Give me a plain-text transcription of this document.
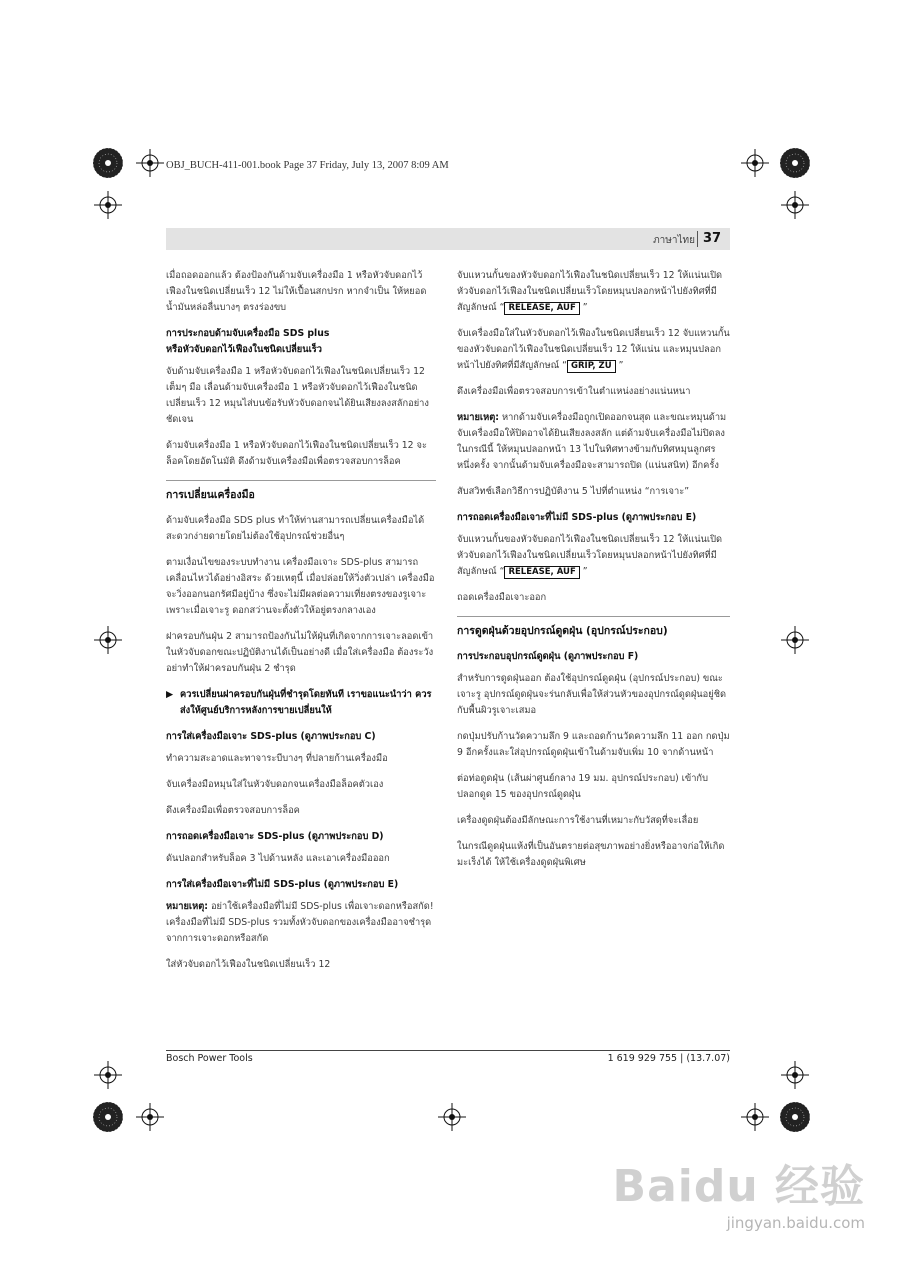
OBJ_BUCH-411-001.book Page 37 Friday, July 13, 2007 8:09 AM
ภาษาไทย 37

เมื่อถอดออกแล้ว ต้องป้องกันด้ามจับเครื่องมือ 1 หรือหัวจับดอกไว้เฟืองในชนิดเปลี่ยนเร็ว 12 ไม่ให้เปื้อนสกปรก หากจำเป็น ให้หยอดน้ำมันหล่อลื่นบางๆ ตรงร่องขบ

การประกอบด้ามจับเครื่องมือ SDS plus
หรือหัวจับดอกไว้เฟืองในชนิดเปลี่ยนเร็ว

จับด้ามจับเครื่องมือ 1 หรือหัวจับดอกไว้เฟืองในชนิดเปลี่ยนเร็ว 12 เต็มๆ มือ เลื่อนด้ามจับเครื่องมือ 1 หรือหัวจับดอกไว้เฟืองในชนิดเปลี่ยนเร็ว 12 หมุนไส่บนข้อรับหัวจับดอกจนได้ยินเสียงลงสลักอย่างชัดเจน

ด้ามจับเครื่องมือ 1 หรือหัวจับดอกไว้เฟืองในชนิดเปลี่ยนเร็ว 12 จะล็อคโดยอัตโนมัติ ดึงด้ามจับเครื่องมือเพื่อตรวจสอบการล็อค

การเปลี่ยนเครื่องมือ

ด้ามจับเครื่องมือ SDS plus ทำให้ท่านสามารถเปลี่ยนเครื่องมือได้สะดวกง่ายดายโดยไม่ต้องใช้อุปกรณ์ช่วยอื่นๆ

ตามเงื่อนไขของระบบทำงาน เครื่องมือเจาะ SDS-plus สามารถเคลื่อนไหวได้อย่างอิสระ ด้วยเหตุนี้ เมื่อปล่อยให้วิ่งตัวเปล่า เครื่องมือจะวิ่งออกนอกรัศมีอยู่บ้าง ซึ่งจะไม่มีผลต่อความเที่ยงตรงของรูเจาะ เพราะเมื่อเจาะรู ดอกสว่านจะตั้งตัวให้อยู่ตรงกลางเอง

ฝาครอบกันฝุ่น 2 สามารถป้องกันไม่ให้ฝุ่นที่เกิดจากการเจาะลอดเข้าในหัวจับดอกขณะปฏิบัติงานได้เป็นอย่างดี เมื่อใส่เครื่องมือ ต้องระวังอย่าทำให้ฝาครอบกันฝุ่น 2 ชำรุด

▶ ควรเปลี่ยนฝาครอบกันฝุ่นที่ชำรุดโดยทันที เราขอแนะนำว่า ควรส่งให้ศูนย์บริการหลังการขายเปลี่ยนให้
การใส่เครื่องมือเจาะ SDS-plus (ดูภาพประกอบ C)

ทำความสะอาดและทาจาระบีบางๆ ที่ปลายก้านเครื่องมือ

จับเครื่องมือหมุนใส่ในหัวจับดอกจนเครื่องมือล็อคตัวเอง

ดึงเครื่องมือเพื่อตรวจสอบการล็อค

การถอดเครื่องมือเจาะ SDS-plus (ดูภาพประกอบ D)

ดันปลอกสำหรับล็อค 3 ไปด้านหลัง และเอาเครื่องมือออก

การใส่เครื่องมือเจาะที่ไม่มี SDS-plus (ดูภาพประกอบ E)

หมายเหตุ: อย่าใช้เครื่องมือที่ไม่มี SDS-plus เพื่อเจาะดอกหรือสกัด! เครื่องมือที่ไม่มี SDS-plus รวมทั้งหัวจับดอกของเครื่องมืออาจชำรุดจากการเจาะดอกหรือสกัด

ใส่หัวจับดอกไว้เฟืองในชนิดเปลี่ยนเร็ว 12

จับแหวนกั้นของหัวจับดอกไว้เฟืองในชนิดเปลี่ยนเร็ว 12 ให้แน่นเปิดหัวจับดอกไว้เฟืองในชนิดเปลี่ยนเร็วโดยหมุนปลอกหน้าไปยังทิศที่มีสัญลักษณ์ “ RELEASE, AUF ”

จับเครื่องมือใส่ในหัวจับดอกไว้เฟืองในชนิดเปลี่ยนเร็ว 12 จับแหวนกั้นของหัวจับดอกไว้เฟืองในชนิดเปลี่ยนเร็ว 12 ให้แน่น และหมุนปลอกหน้าไปยังทิศที่มีสัญลักษณ์ “ GRIP, ZU ”

ดึงเครื่องมือเพื่อตรวจสอบการเข้าในตำแหน่งอย่างแน่นหนา

หมายเหตุ: หากด้ามจับเครื่องมือถูกเปิดออกจนสุด และขณะหมุนด้ามจับเครื่องมือให้ปิดอาจได้ยินเสียงลงสลัก แต่ด้ามจับเครื่องมือไม่ปิดลง

ในกรณีนี้ ให้หมุนปลอกหน้า 13 ไปในทิศทางข้ามกับทิศหมุนลูกศรหนึ่งครั้ง จากนั้นด้ามจับเครื่องมือจะสามารถปิด (แน่นสนิท) อีกครั้ง

สับสวิทช์เลือกวิธีการปฏิบัติงาน 5 ไปที่ตำแหน่ง “การเจาะ”

การถอดเครื่องมือเจาะที่ไม่มี SDS-plus (ดูภาพประกอบ E)

จับแหวนกั้นของหัวจับดอกไว้เฟืองในชนิดเปลี่ยนเร็ว 12 ให้แน่นเปิดหัวจับดอกไว้เฟืองในชนิดเปลี่ยนเร็วโดยหมุนปลอกหน้าไปยังทิศที่มีสัญลักษณ์ “ RELEASE, AUF ”

ถอดเครื่องมือเจาะออก

การดูดฝุ่นด้วยอุปกรณ์ดูดฝุ่น (อุปกรณ์ประกอบ)
การประกอบอุปกรณ์ดูดฝุ่น (ดูภาพประกอบ F)

สำหรับการดูดฝุ่นออก ต้องใช้อุปกรณ์ดูดฝุ่น (อุปกรณ์ประกอบ) ขณะเจาะรู อุปกรณ์ดูดฝุ่นจะร่นกลับเพื่อให้ส่วนหัวของอุปกรณ์ดูดฝุ่นอยู่ชิดกับพื้นผิวรูเจาะเสมอ

กดปุ่มปรับก้านวัดความลึก 9 และถอดก้านวัดความลึก 11 ออก กดปุ่ม 9 อีกครั้งและใส่อุปกรณ์ดูดฝุ่นเข้าในด้ามจับเพิ่ม 10 จากด้านหน้า

ต่อท่อดูดฝุ่น (เส้นผ่าศูนย์กลาง 19 มม. อุปกรณ์ประกอบ) เข้ากับปลอกดูด 15 ของอุปกรณ์ดูดฝุ่น

เครื่องดูดฝุ่นต้องมีลักษณะการใช้งานที่เหมาะกับวัสดุที่จะเลื่อย

ในกรณีดูดฝุ่นแห้งที่เป็นอันตรายต่อสุขภาพอย่างยิ่งหรืออาจก่อให้เกิดมะเร็งได้ ให้ใช้เครื่องดูดฝุ่นพิเศษ

Bosch Power Tools	1 619 929 755 | (13.7.07)
Baidu 经验
jingyan.baidu.com
